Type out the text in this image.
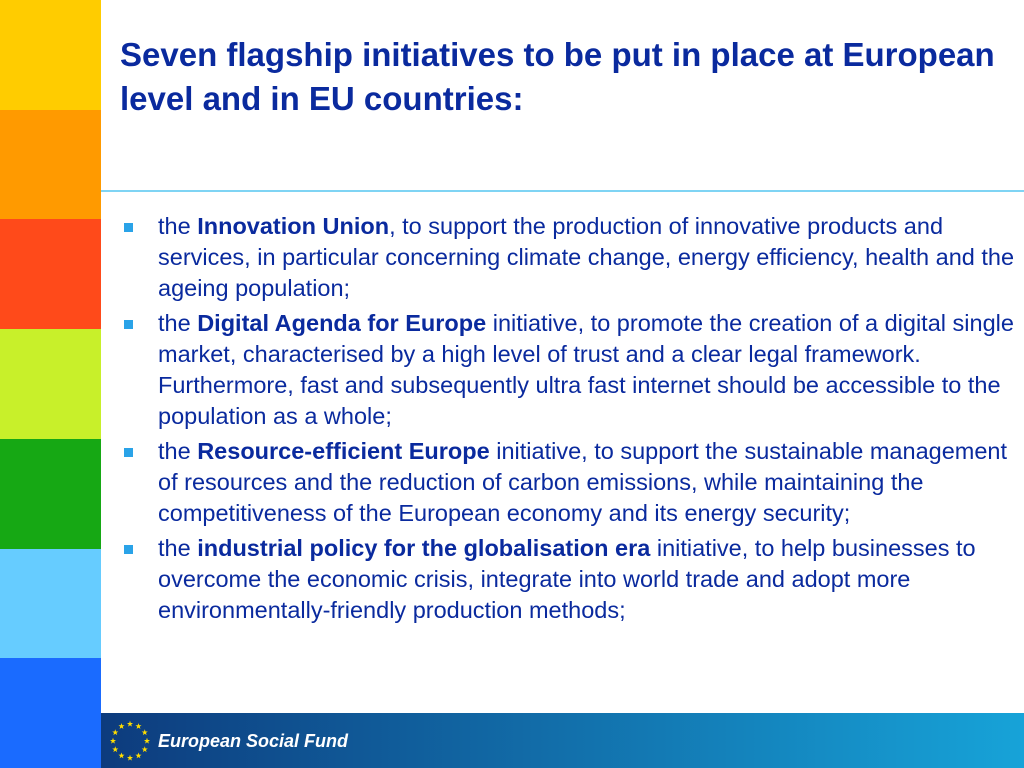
Seven flagship initiatives to be put in place at European level and in EU countries:
the Innovation Union, to support the production of innovative products and services, in particular concerning climate change, energy efficiency, health and the ageing population;
the Digital Agenda for Europe initiative, to promote the creation of a digital single market, characterised by a high level of trust and a clear legal framework. Furthermore, fast and subsequently ultra fast internet should be accessible to the population as a whole;
the Resource-efficient Europe initiative, to support the sustainable management of resources and the reduction of carbon emissions, while maintaining the competitiveness of the European economy and its energy security;
the industrial policy for the globalisation era initiative, to help businesses to overcome the economic crisis, integrate into world trade and adopt more environmentally-friendly production methods;
European Social Fund
